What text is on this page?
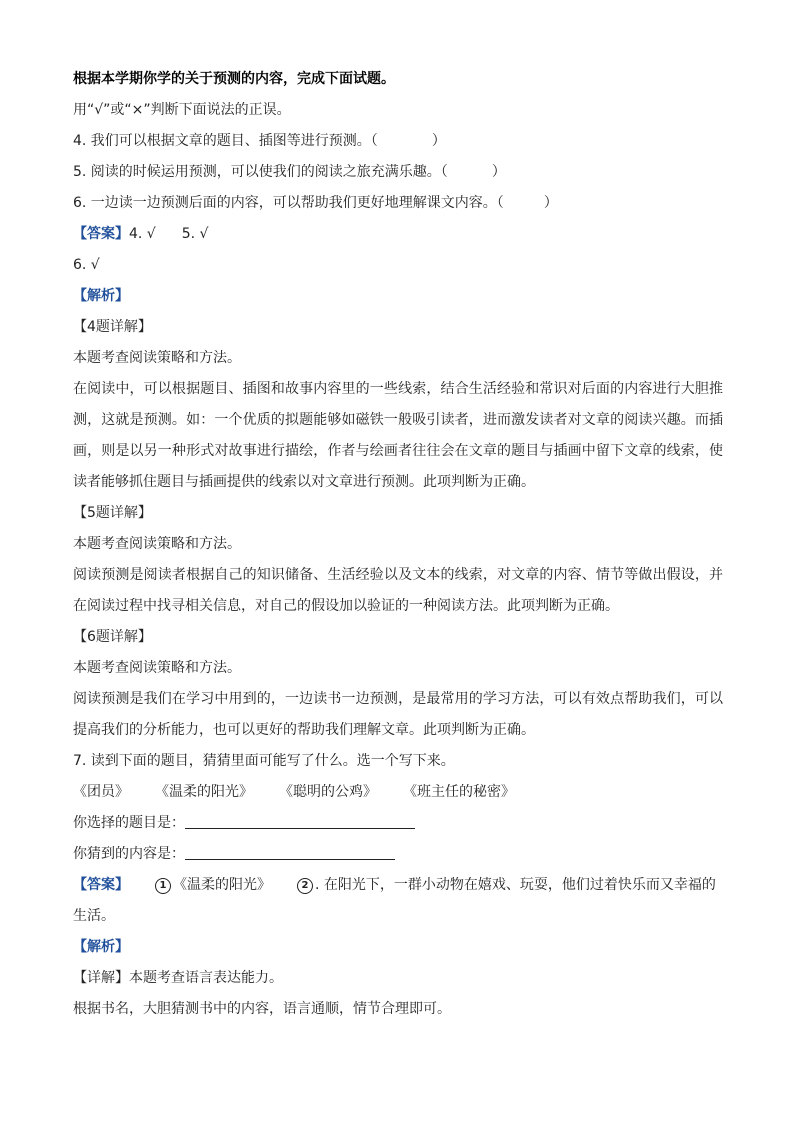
根据本学期你学的关于预测的内容，完成下面试题。
用“√”或“×”判断下面说法的正误。
4. 我们可以根据文章的题目、插图等进行预测。（	）
5. 阅读的时候运用预测，可以使我们的阅读之旅充满乐趣。（	）
6. 一边读一边预测后面的内容，可以帮助我们更好地理解课文内容。（	）
【答案】4. √ 5. √
6. √
【解析】
【4题详解】
本题考查阅读策略和方法。
在阅读中，可以根据题目、插图和故事内容里的一些线索，结合生活经验和常识对后面的内容进行大胆推测，这就是预测。如：一个优质的拟题能够如磁铁一般吸引读者，进而激发读者对文章的阅读兴趣。而插画，则是以另一种形式对故事进行描绘，作者与绘画者往往会在文章的题目与插画中留下文章的线索，使读者能够抓住题目与插画提供的线索以对文章进行预测。此项判断为正确。
【5题详解】
本题考查阅读策略和方法。
阅读预测是阅读者根据自己的知识储备、生活经验以及文本的线索，对文章的内容、情节等做出假设，并在阅读过程中找寻相关信息，对自己的假设加以验证的一种阅读方法。此项判断为正确。
【6题详解】
本题考查阅读策略和方法。
阅读预测是我们在学习中用到的，一边读书一边预测，是最常用的学习方法，可以有效点帮助我们，可以提高我们的分析能力，也可以更好的帮助我们理解文章。此项判断为正确。
7. 读到下面的题目，猜猜里面可能写了什么。选一个写下来。
《团员》 《温柔的阳光》 《聪明的公鸡》 《班主任的秘密》
你选择的题目是：
你猜到的内容是：
【答案】	1 《温柔的阳光》	2 . 在阳光下，一群小动物在嬉戏、玩耍，他们过着快乐而又幸福的
生活。
【解析】
【详解】本题考查语言表达能力。
根据书名，大胆猜测书中的内容，语言通顺，情节合理即可。
